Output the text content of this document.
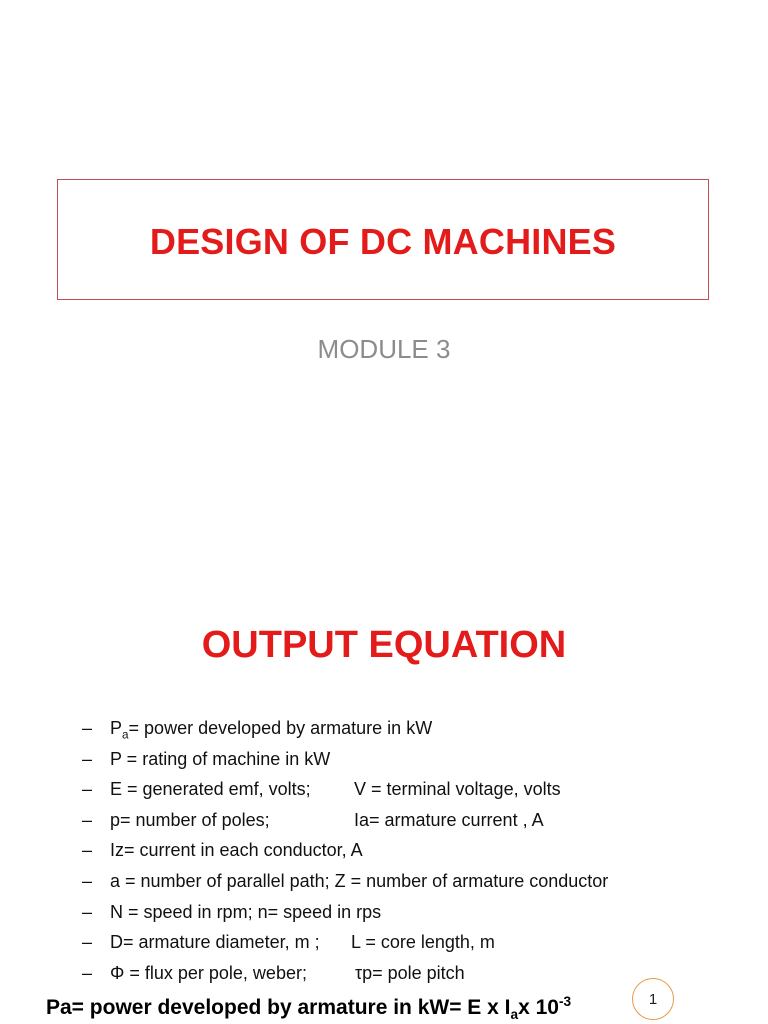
DESIGN OF DC MACHINES
MODULE 3
OUTPUT EQUATION
– $P_a=$ power developed by armature in kW
– P = rating of machine in kW
– E = generated emf, volts;	V = terminal voltage, volts
– p= number of poles;	Ia= armature current , A
– Iz= current in each conductor, A
– a = number of parallel path; Z = number of armature conductor
– N = speed in rpm; n= speed in rps
– D= armature diameter, m ;	L = core length, m
– Φ = flux per pole, weber;	τp= pole pitch
Pa= power developed by armature in kW= E x $I_ax$ $10^{-3}$	1
